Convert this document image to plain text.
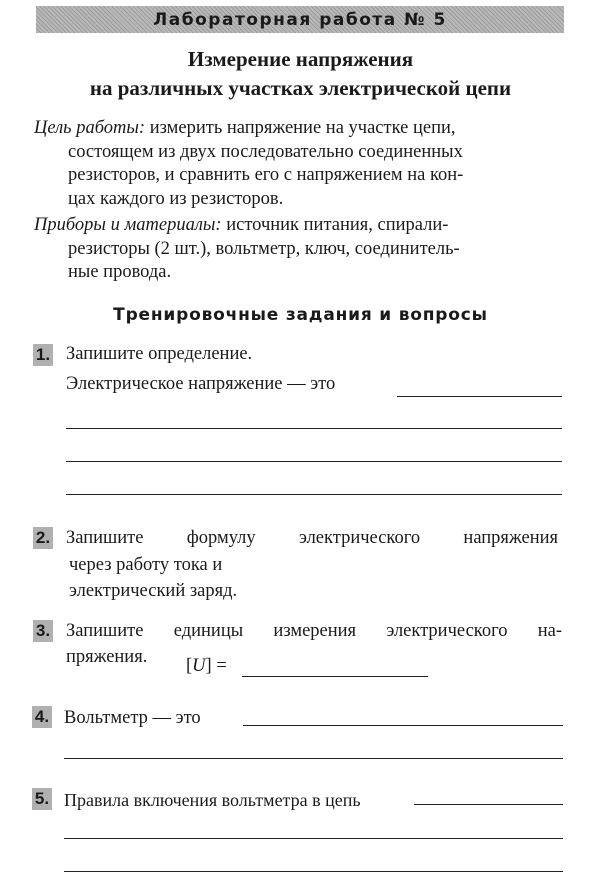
Лабораторная работа № 5
Измерение напряжения
на различных участках электрической цепи
Цель работы: измерить напряжение на участке цепи,
состоящем из двух последовательно соединенных
резисторов, и сравнить его с напряжением на кон-
цах каждого из резисторов.
Приборы и материалы: источник питания, спирали-
резисторы (2 шт.), вольтметр, ключ, соединитель-
ные провода.
Тренировочные задания и вопросы
1. Запишите определение.
Электрическое напряжение — это
2. Запишите формулу электрического напряжения
через работу тока и
электрический заряд.
3. Запишите единицы измерения электрического на-
пряжения. [U] =
4. Вольтметр — это
5. Правила включения вольтметра в цепь
